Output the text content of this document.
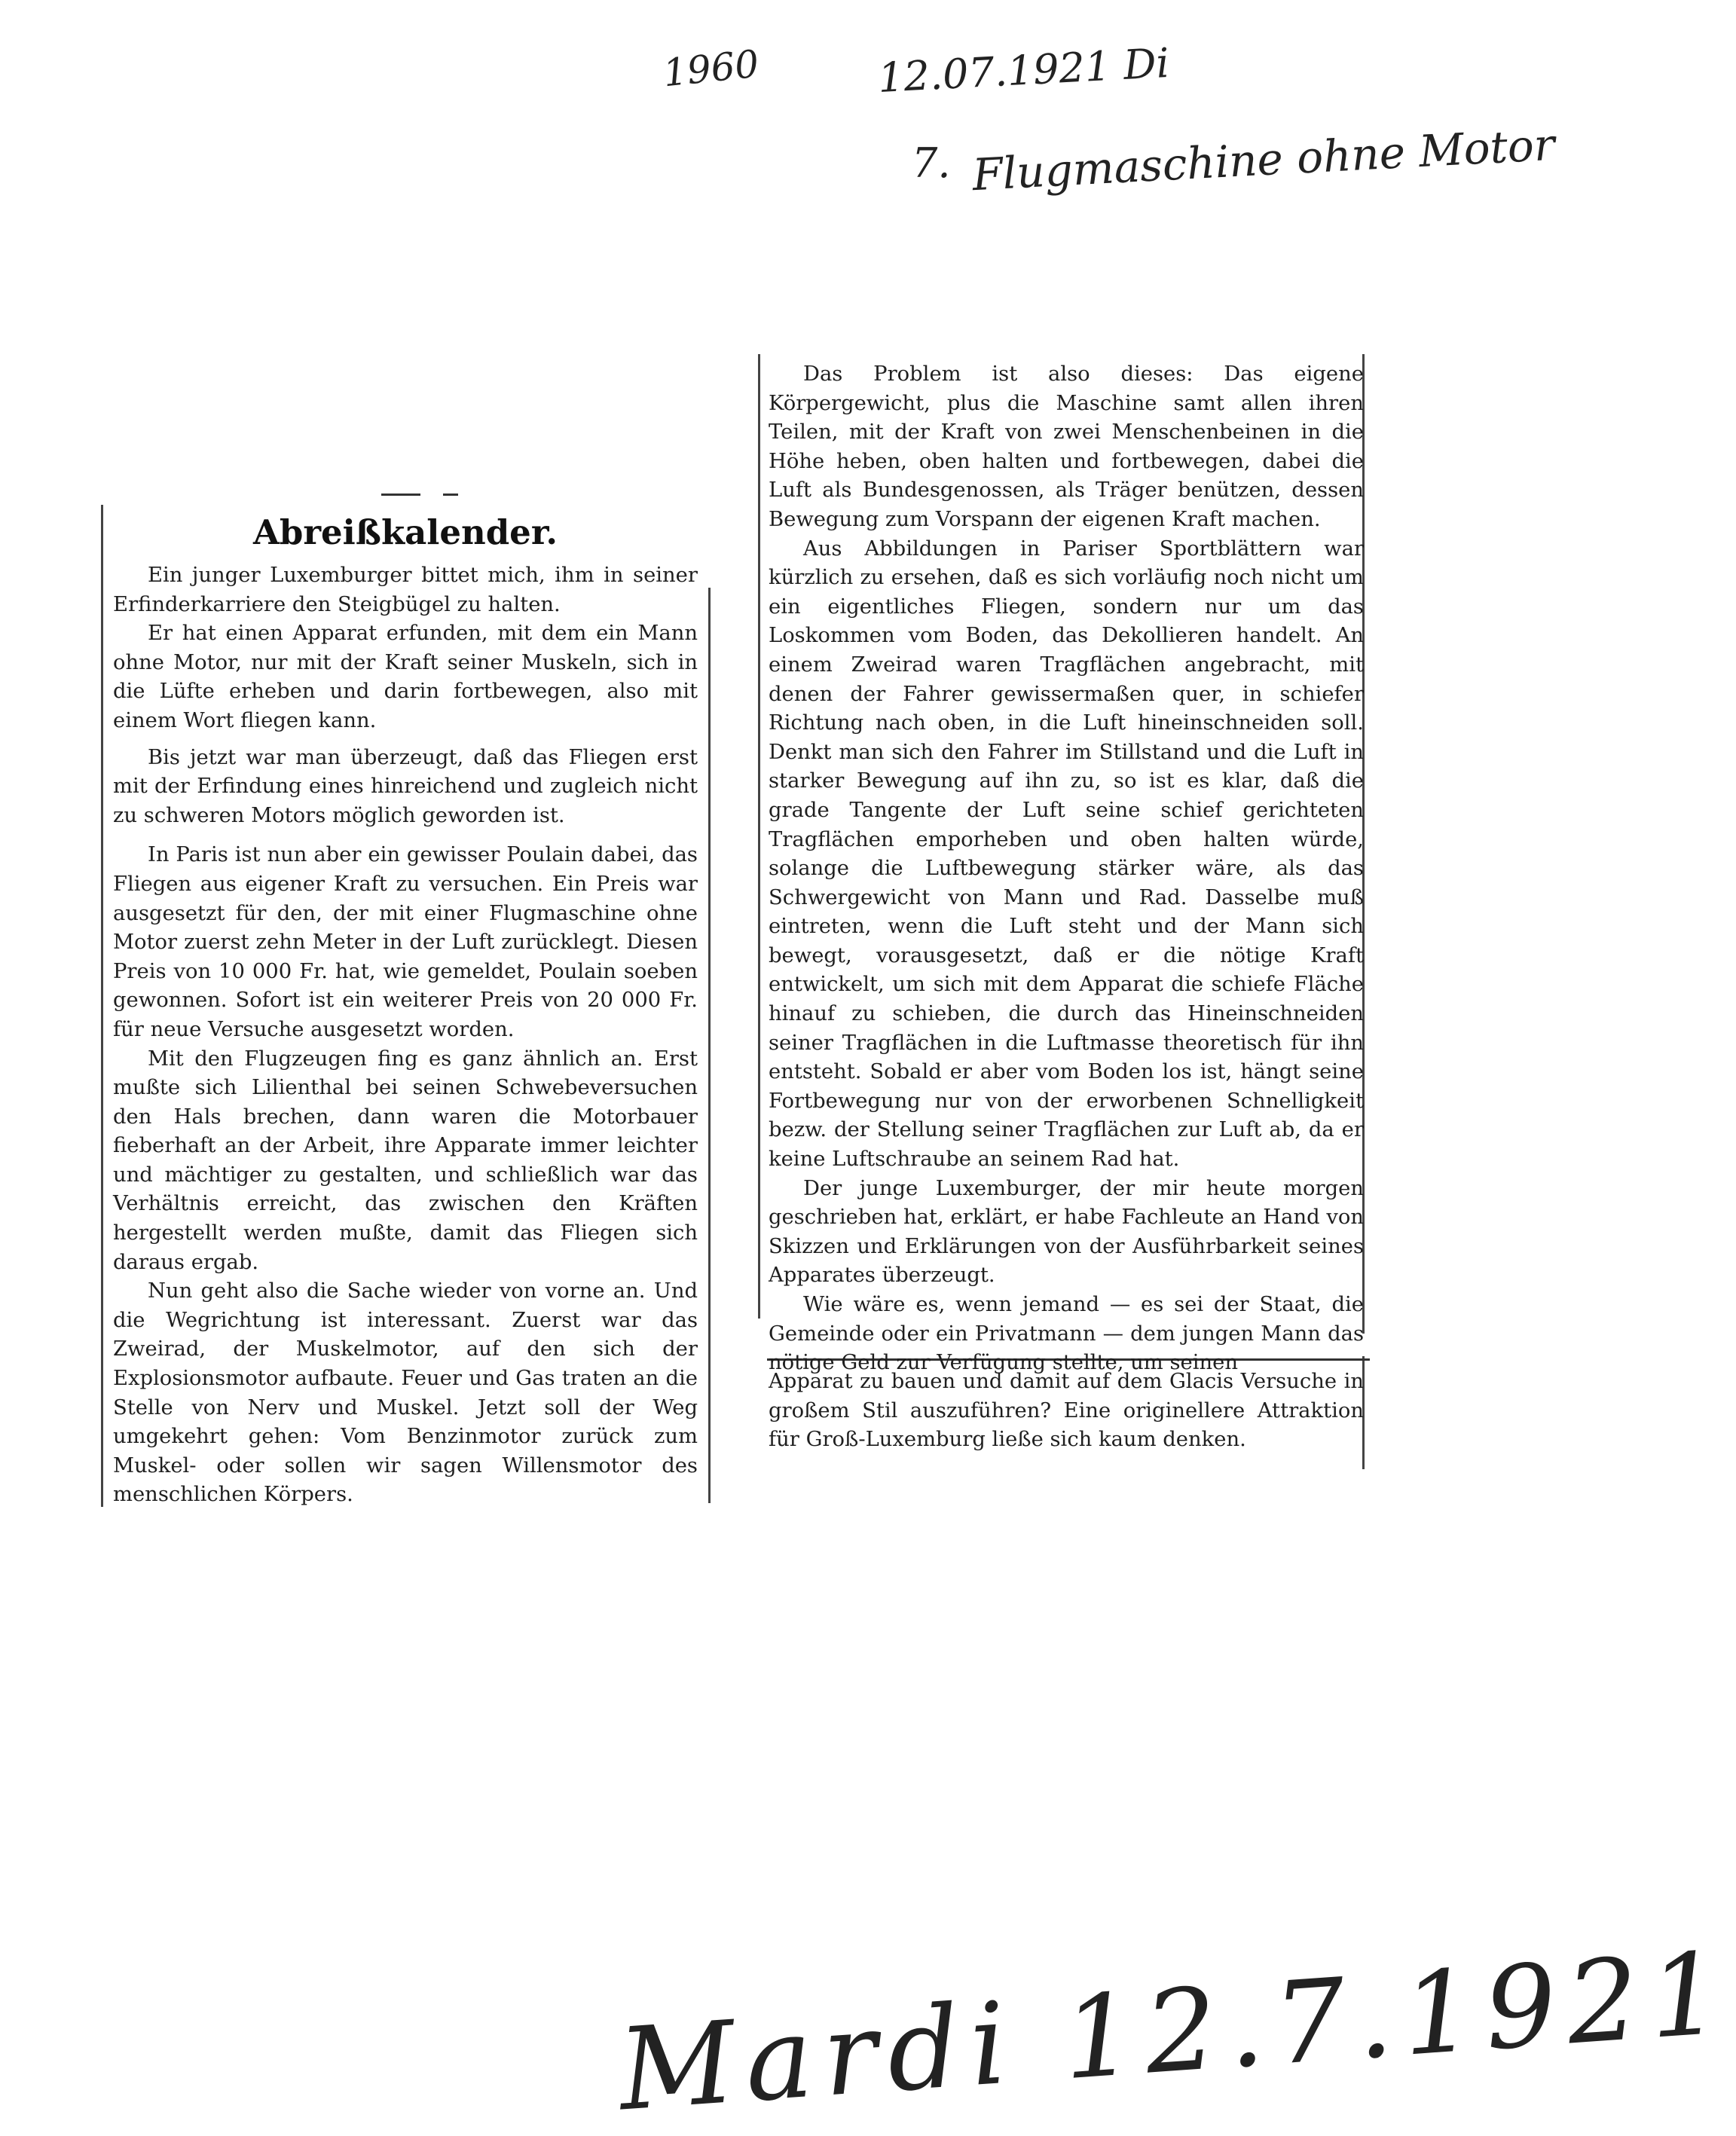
1960	12.07.1921 Di
7. Flugmaschine ohne Motor
Abreißkalender.

Ein junger Luxemburger bittet mich, ihm in seiner Erfinderkarriere den Steigbügel zu halten.

Er hat einen Apparat erfunden, mit dem ein Mann ohne Motor, nur mit der Kraft seiner Muskeln, sich in die Lüfte erheben und darin fortbewegen, also mit einem Wort fliegen kann.

Bis jetzt war man überzeugt, daß das Fliegen erst mit der Erfindung eines hinreichend und zugleich nicht zu schweren Motors möglich geworden ist.

In Paris ist nun aber ein gewisser Poulain dabei, das Fliegen aus eigener Kraft zu versuchen. Ein Preis war ausgesetzt für den, der mit einer Flugmaschine ohne Motor zuerst zehn Meter in der Luft zurücklegt. Diesen Preis von 10 000 Fr. hat, wie gemeldet, Poulain soeben gewonnen. Sofort ist ein weiterer Preis von 20 000 Fr. für neue Versuche ausgesetzt worden.

Mit den Flugzeugen fing es ganz ähnlich an. Erst mußte sich Lilienthal bei seinen Schwebeversuchen den Hals brechen, dann waren die Motorbauer fieberhaft an der Arbeit, ihre Apparate immer leichter und mächtiger zu gestalten, und schließlich war das Verhältnis erreicht, das zwischen den Kräften hergestellt werden mußte, damit das Fliegen sich daraus ergab.

Nun geht also die Sache wieder von vorne an. Und die Wegrichtung ist interessant. Zuerst war das Zweirad, der Muskelmotor, auf den sich der Explosionsmotor aufbaute. Feuer und Gas traten an die Stelle von Nerv und Muskel. Jetzt soll der Weg umgekehrt gehen: Vom Benzinmotor zurück zum Muskel- oder sollen wir sagen Willensmotor des menschlichen Körpers.

Das Problem ist also dieses: Das eigene Körpergewicht, plus die Maschine samt allen ihren Teilen, mit der Kraft von zwei Menschenbeinen in die Höhe heben, oben halten und fortbewegen, dabei die Luft als Bundesgenossen, als Träger benützen, dessen Bewegung zum Vorspann der eigenen Kraft machen.

Aus Abbildungen in Pariser Sportblättern war kürzlich zu ersehen, daß es sich vorläufig noch nicht um ein eigentliches Fliegen, sondern nur um das Loskommen vom Boden, das Dekollieren handelt. An einem Zweirad waren Tragflächen angebracht, mit denen der Fahrer gewissermaßen quer, in schiefer Richtung nach oben, in die Luft hineinschneiden soll. Denkt man sich den Fahrer im Stillstand und die Luft in starker Bewegung auf ihn zu, so ist es klar, daß die grade Tangente der Luft seine schief gerichteten Tragflächen emporheben und oben halten würde, solange die Luftbewegung stärker wäre, als das Schwergewicht von Mann und Rad. Dasselbe muß eintreten, wenn die Luft steht und der Mann sich bewegt, vorausgesetzt, daß er die nötige Kraft entwickelt, um sich mit dem Apparat die schiefe Fläche hinauf zu schieben, die durch das Hineinschneiden seiner Tragflächen in die Luftmasse theoretisch für ihn entsteht. Sobald er aber vom Boden los ist, hängt seine Fortbewegung nur von der erworbenen Schnelligkeit bezw. der Stellung seiner Tragflächen zur Luft ab, da er keine Luftschraube an seinem Rad hat.

Der junge Luxemburger, der mir heute morgen geschrieben hat, erklärt, er habe Fachleute an Hand von Skizzen und Erklärungen von der Ausführbarkeit seines Apparates überzeugt.

Wie wäre es, wenn jemand — es sei der Staat, die Gemeinde oder ein Privatmann — dem jungen Mann das nötige Geld zur Verfügung stellte, um seinen

Apparat zu bauen und damit auf dem Glacis Versuche in großem Stil auszuführen? Eine originellere Attraktion für Groß-Luxemburg ließe sich kaum denken.

Mardi 12.7.1921
